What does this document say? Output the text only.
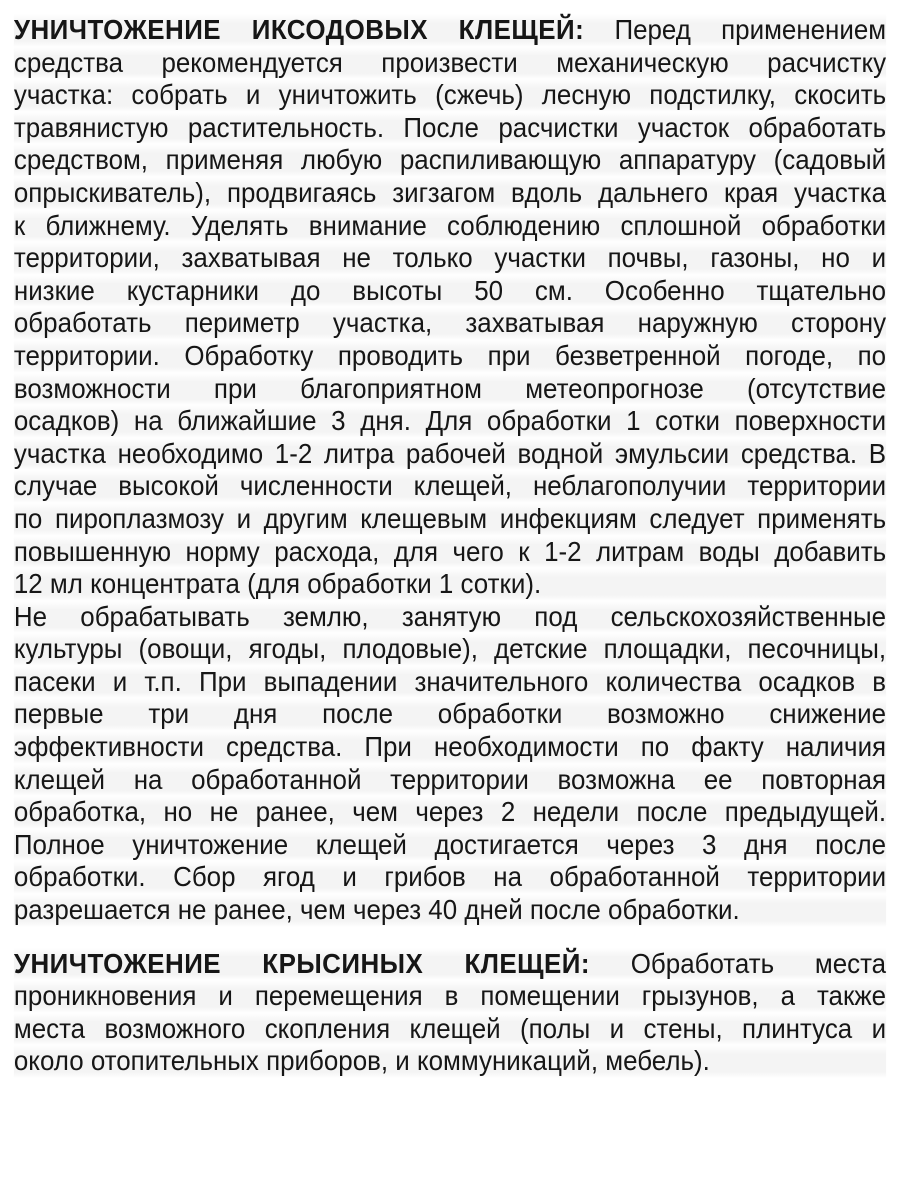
УНИЧТОЖЕНИЕ ИКСОДОВЫХ КЛЕЩЕЙ: Перед применением
средства рекомендуется произвести механическую расчистку
участка: собрать и уничтожить (сжечь) лесную подстилку, скосить
травянистую растительность. После расчистки участок обработать
средством, применяя любую распиливающую аппаратуру (садовый
опрыскиватель), продвигаясь зигзагом вдоль дальнего края участка
к ближнему. Уделять внимание соблюдению сплошной обработки
территории, захватывая не только участки почвы, газоны, но и
низкие кустарники до высоты 50 см. Особенно тщательно
обработать периметр участка, захватывая наружную сторону
территории. Обработку проводить при безветренной погоде, по
возможности при благоприятном метеопрогнозе (отсутствие
осадков) на ближайшие 3 дня. Для обработки 1 сотки поверхности
участка необходимо 1-2 литра рабочей водной эмульсии средства. В
случае высокой численности клещей, неблагополучии территории
по пироплазмозу и другим клещевым инфекциям следует применять
повышенную норму расхода, для чего к 1-2 литрам воды добавить
12 мл концентрата (для обработки 1 сотки).
Не обрабатывать землю, занятую под сельскохозяйственные
культуры (овощи, ягоды, плодовые), детские площадки, песочницы,
пасеки и т.п. При выпадении значительного количества осадков в
первые три дня после обработки возможно снижение
эффективности средства. При необходимости по факту наличия
клещей на обработанной территории возможна ее повторная
обработка, но не ранее, чем через 2 недели после предыдущей.
Полное уничтожение клещей достигается через 3 дня после
обработки. Сбор ягод и грибов на обработанной территории
разрешается не ранее, чем через 40 дней после обработки.
УНИЧТОЖЕНИЕ КРЫСИНЫХ КЛЕЩЕЙ: Обработать места
проникновения и перемещения в помещении грызунов, а также
места возможного скопления клещей (полы и стены, плинтуса и
около отопительных приборов, и коммуникаций, мебель).
